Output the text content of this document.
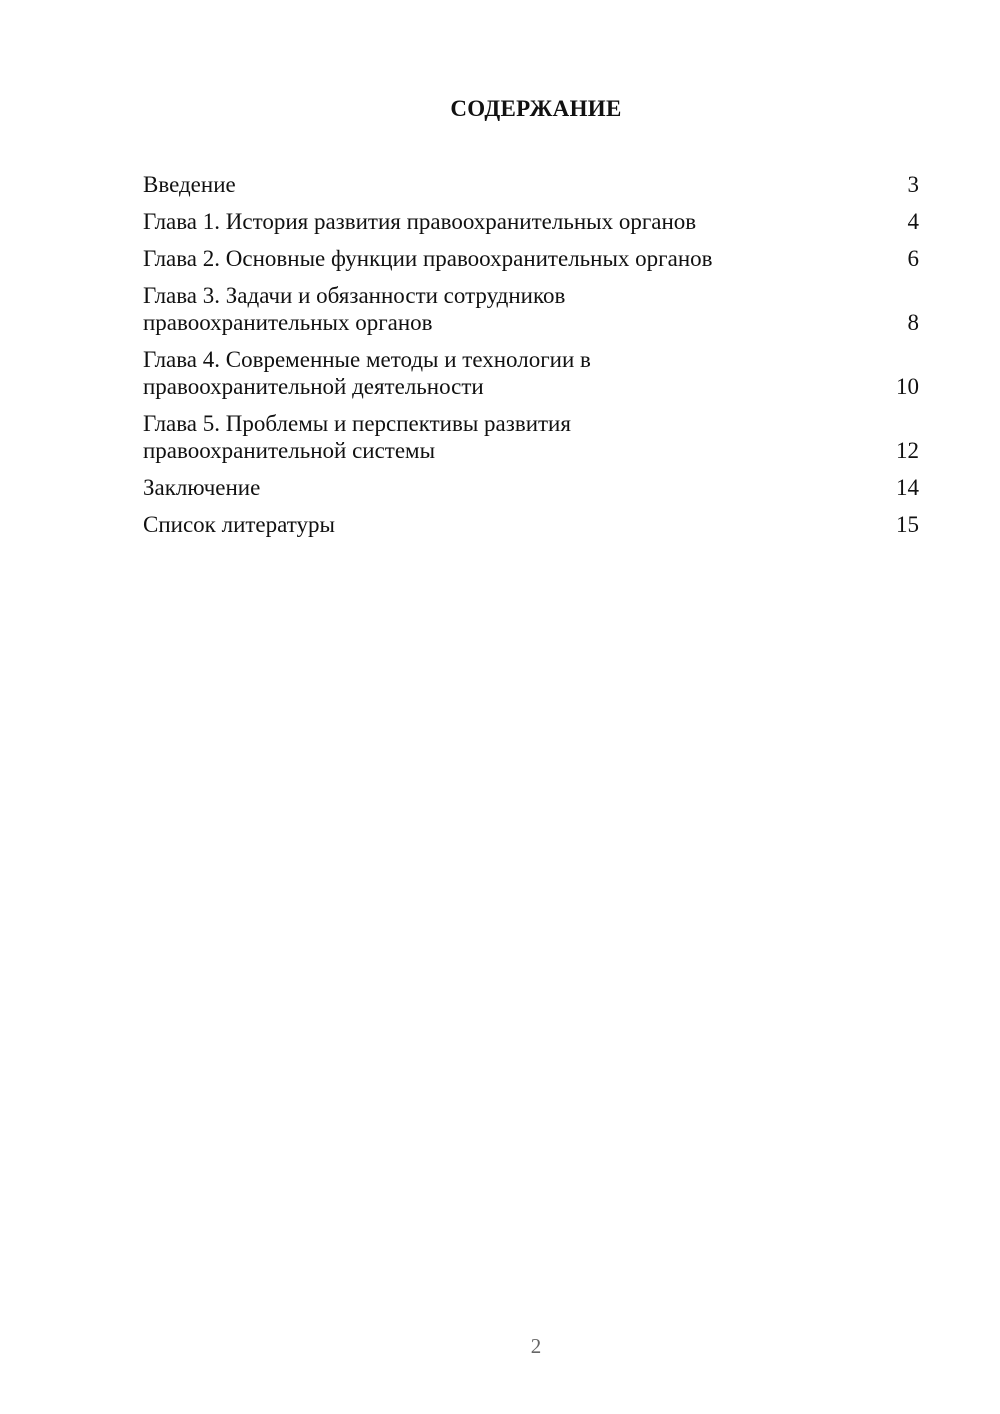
СОДЕРЖАНИЕ
Введение	3
Глава 1. История развития правоохранительных органов	4
Глава 2. Основные функции правоохранительных органов	6
Глава 3. Задачи и обязанности сотрудников
правоохранительных органов	8
Глава 4. Современные методы и технологии в
правоохранительной деятельности	10
Глава 5. Проблемы и перспективы развития
правоохранительной системы	12
Заключение	14
Список литературы	15
2
